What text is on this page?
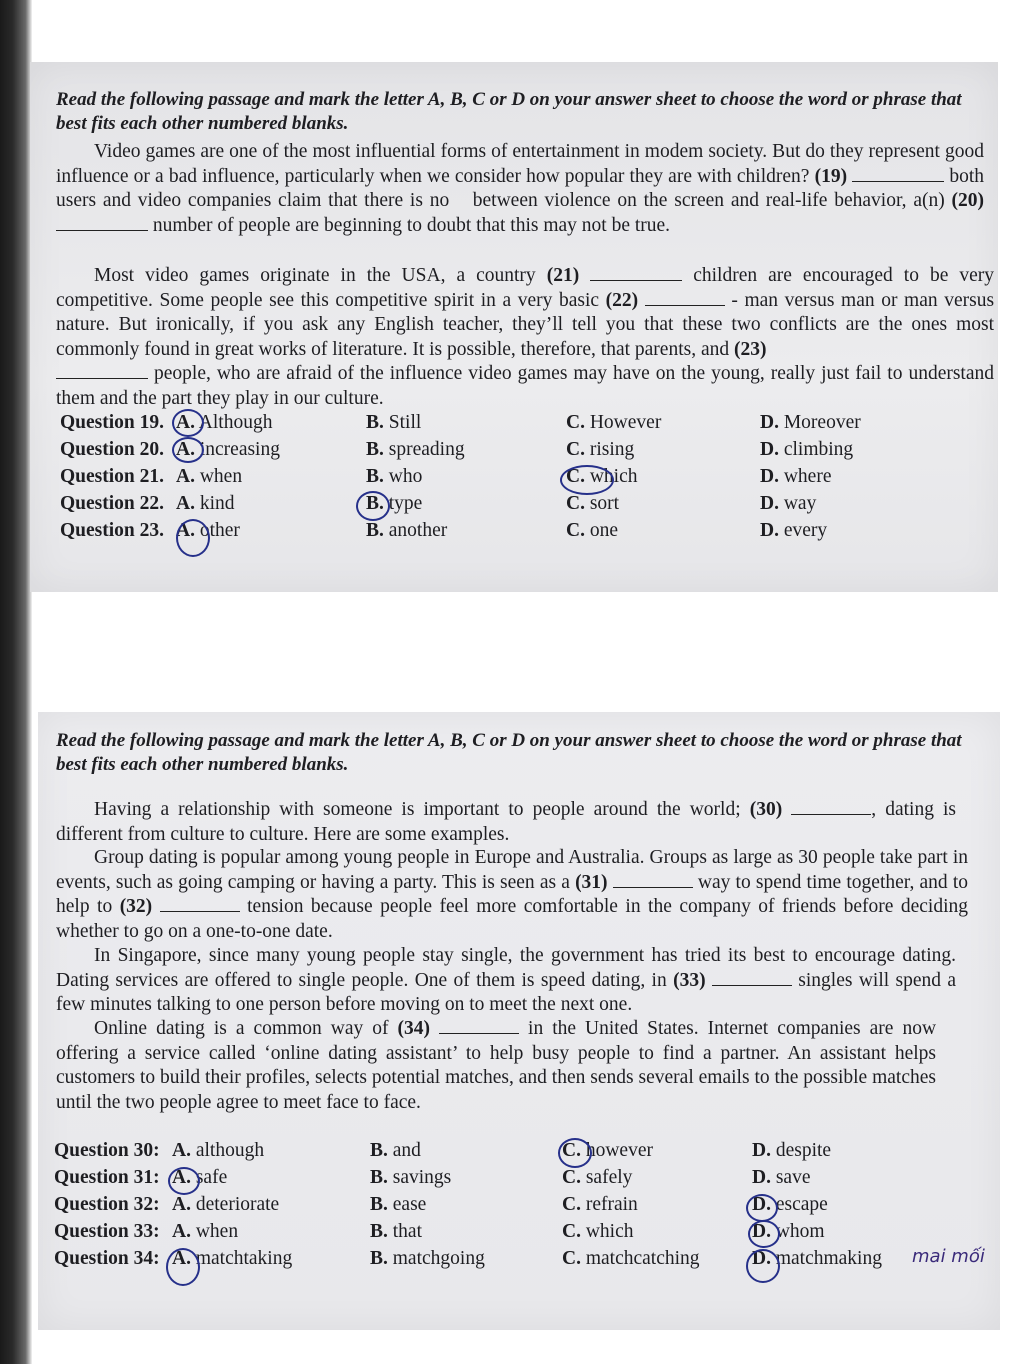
Read the following passage and mark the letter A, B, C or D on your answer sheet to choose the word or phrase that best fits each other numbered blanks.
Video games are one of the most influential forms of entertainment in modem society. But do they represent good influence or a bad influence, particularly when we consider how popular they are with children? (19)	both users and video companies claim that there is no between violence on the screen and real-life behavior, a(n) (20)  number of people are beginning to doubt that this may not be true.
Most video games originate in the USA, a country (21)	children are encouraged to be very competitive. Some people see this competitive spirit in a very basic (22)	- man versus man or man versus nature. But ironically, if you ask any English teacher, they’ll tell you that these two conflicts are the ones most commonly found in great works of literature. It is possible, therefore, that parents, and (23)
people, who are afraid of the influence video games may have on the young, really just fail to understand them and the part they play in our culture.
Question 19. A. Although	B. Still	C. However	D. Moreover
Question 20. A. increasing	B. spreading	C. rising	D. climbing
Question 21. A. when	B. who	C. which	D. where
Question 22. A. kind	B. type	C. sort	D. way
Question 23. A. other	B. another	C. one	D. every
Read the following passage and mark the letter A, B, C or D on your answer sheet to choose the word or phrase that best fits each other numbered blanks.
Having a relationship with someone is important to people around the world; (30)	, dating is different from culture to culture. Here are some examples.
Group dating is popular among young people in Europe and Australia. Groups as large as 30 people take part in events, such as going camping or having a party. This is seen as a (31)	way to spend time together, and to help to (32)	tension because people feel more comfortable in the company of friends before deciding whether to go on a one-to-one date.
In Singapore, since many young people stay single, the government has tried its best to encourage dating. Dating services are offered to single people. One of them is speed dating, in (33)	singles will spend a few minutes talking to one person before moving on to meet the next one.
Online dating is a common way of (34)	in the United States. Internet companies are now offering a service called ‘online dating assistant’ to help busy people to find a partner. An assistant helps customers to build their profiles, selects potential matches, and then sends several emails to the possible matches until the two people agree to meet face to face.
Question 30: A. although	B. and	C. however	D. despite
Question 31: A. safe	B. savings	C. safely	D. save
Question 32: A. deteriorate	B. ease	C. refrain	D. escape
Question 33: A. when	B. that	C. which	D. whom
Question 34: A. matchtaking	B. matchgoing	C. matchcatching	D. matchmaking mai mối
